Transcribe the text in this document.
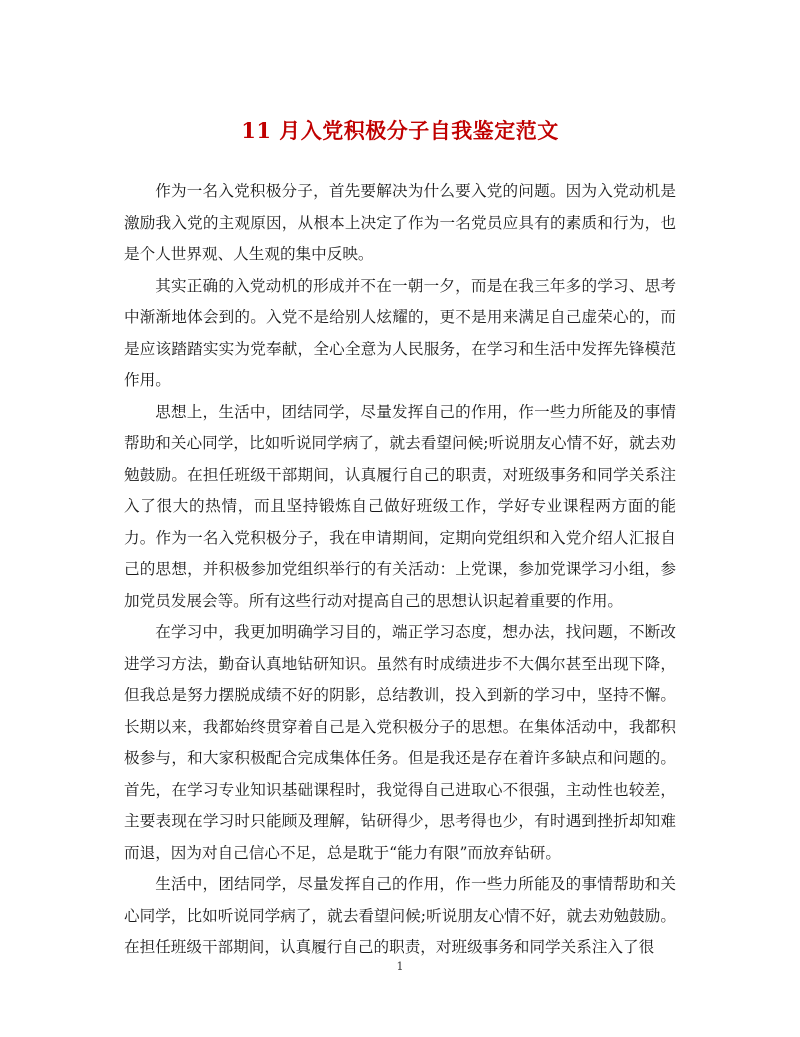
11 月入党积极分子自我鉴定范文

作为一名入党积极分子，首先要解决为什么要入党的问题。因为入党动机是激励我入党的主观原因，从根本上决定了作为一名党员应具有的素质和行为，也是个人世界观、人生观的集中反映。

其实正确的入党动机的形成并不在一朝一夕，而是在我三年多的学习、思考中渐渐地体会到的。入党不是给别人炫耀的，更不是用来满足自己虚荣心的，而是应该踏踏实实为党奉献，全心全意为人民服务，在学习和生活中发挥先锋模范作用。

思想上，生活中，团结同学，尽量发挥自己的作用，作一些力所能及的事情帮助和关心同学，比如听说同学病了，就去看望问候;听说朋友心情不好，就去劝勉鼓励。在担任班级干部期间，认真履行自己的职责，对班级事务和同学关系注入了很大的热情，而且坚持锻炼自己做好班级工作，学好专业课程两方面的能力。作为一名入党积极分子，我在申请期间，定期向党组织和入党介绍人汇报自己的思想，并积极参加党组织举行的有关活动：上党课，参加党课学习小组，参加党员发展会等。所有这些行动对提高自己的思想认识起着重要的作用。

在学习中，我更加明确学习目的，端正学习态度，想办法，找问题，不断改进学习方法，勤奋认真地钻研知识。虽然有时成绩进步不大偶尔甚至出现下降，但我总是努力摆脱成绩不好的阴影，总结教训，投入到新的学习中，坚持不懈。长期以来，我都始终贯穿着自己是入党积极分子的思想。在集体活动中，我都积极参与，和大家积极配合完成集体任务。但是我还是存在着许多缺点和问题的。首先，在学习专业知识基础课程时，我觉得自己进取心不很强，主动性也较差，主要表现在学习时只能顾及理解，钻研得少，思考得也少，有时遇到挫折却知难而退，因为对自己信心不足，总是耽于“能力有限”而放弃钻研。

生活中，团结同学，尽量发挥自己的作用，作一些力所能及的事情帮助和关心同学，比如听说同学病了，就去看望问候;听说朋友心情不好，就去劝勉鼓励。在担任班级干部期间，认真履行自己的职责，对班级事务和同学关系注入了很

1
